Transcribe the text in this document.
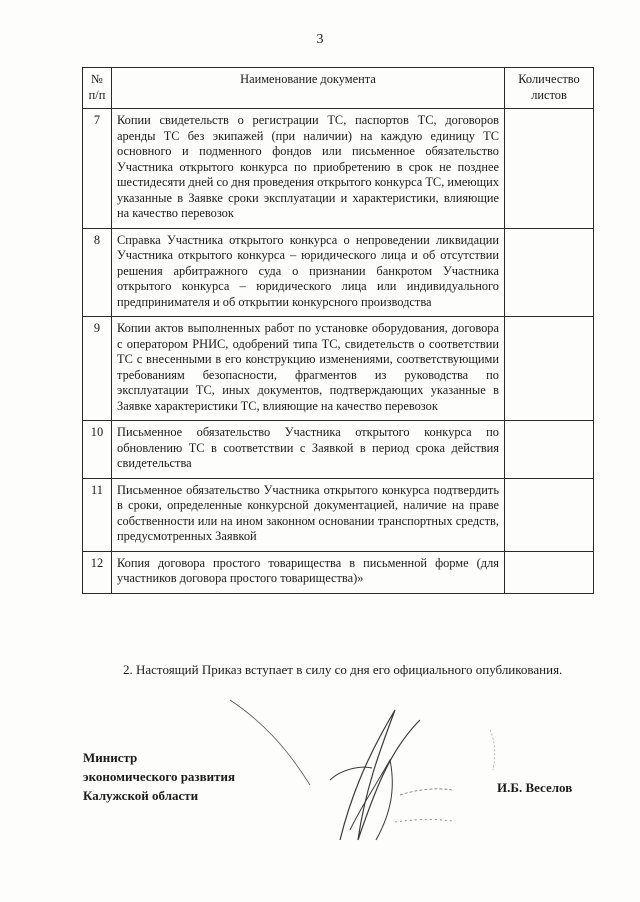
3
№ п/п	Наименование документа	Количество листов
7	Копии свидетельств о регистрации ТС, паспортов ТС, договоров аренды ТС без экипажей (при наличии) на каждую единицу ТС основного и подменного фондов или письменное обязательство Участника открытого конкурса по приобретению в срок не позднее шестидесяти дней со дня проведения открытого конкурса ТС, имеющих указанные в Заявке сроки эксплуатации и характеристики, влияющие на качество перевозок	
8	Справка Участника открытого конкурса о непроведении ликвидации Участника открытого конкурса – юридического лица и об отсутствии решения арбитражного суда о признании банкротом Участника открытого конкурса – юридического лица или индивидуального предпринимателя и об открытии конкурсного производства	
9	Копии актов выполненных работ по установке оборудования, договора с оператором РНИС, одобрений типа ТС, свидетельств о соответствии ТС с внесенными в его конструкцию изменениями, соответствующими требованиям безопасности, фрагментов из руководства по эксплуатации ТС, иных документов, подтверждающих указанные в Заявке характеристики ТС, влияющие на качество перевозок	
10	Письменное обязательство Участника открытого конкурса по обновлению ТС в соответствии с Заявкой в период срока действия свидетельства	
11	Письменное обязательство Участника открытого конкурса подтвердить в сроки, определенные конкурсной документацией, наличие на праве собственности или на ином законном основании транспортных средств, предусмотренных Заявкой	
12	Копия договора простого товарищества в письменной форме (для участников договора простого товарищества)»	
2. Настоящий Приказ вступает в силу со дня его официального опубликования.
Министр
экономического развития
Калужской области
И.Б. Веселов
